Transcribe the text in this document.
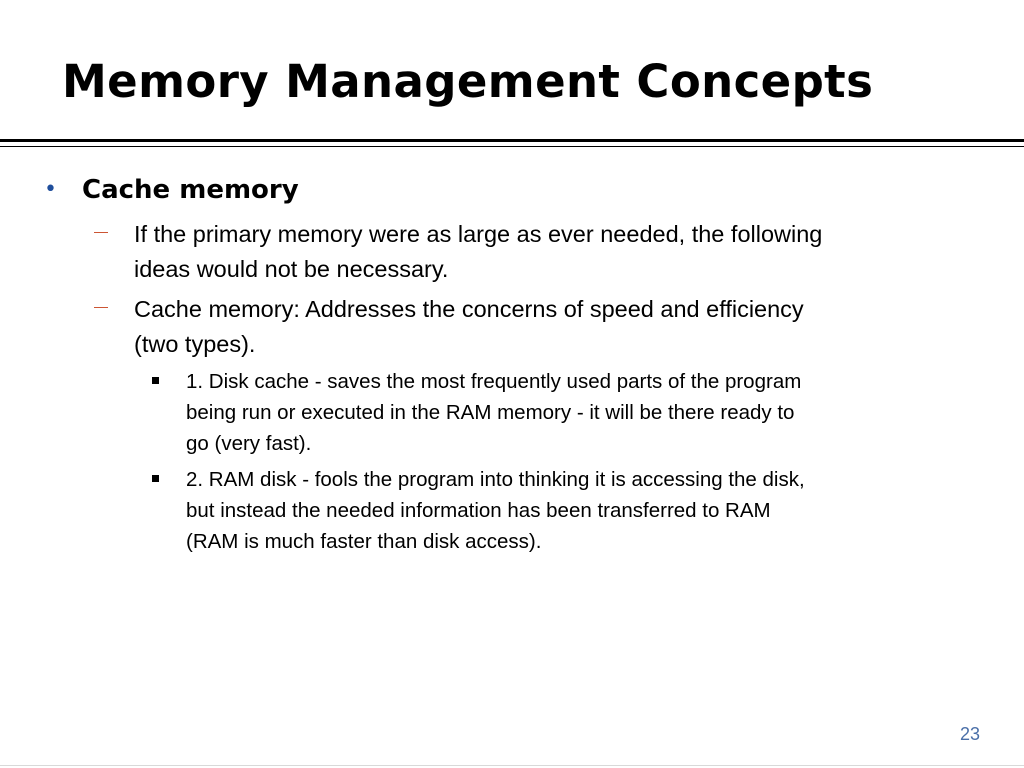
Memory Management Concepts
• Cache memory
If the primary memory were as large as ever needed, the following
ideas would not be necessary.
Cache memory: Addresses the concerns of speed and efficiency
(two types).
1. Disk cache - saves the most frequently used parts of the program
being run or executed in the RAM memory - it will be there ready to
go (very fast).
2. RAM disk - fools the program into thinking it is accessing the disk,
but instead the needed information has been transferred to RAM
(RAM is much faster than disk access).
23
